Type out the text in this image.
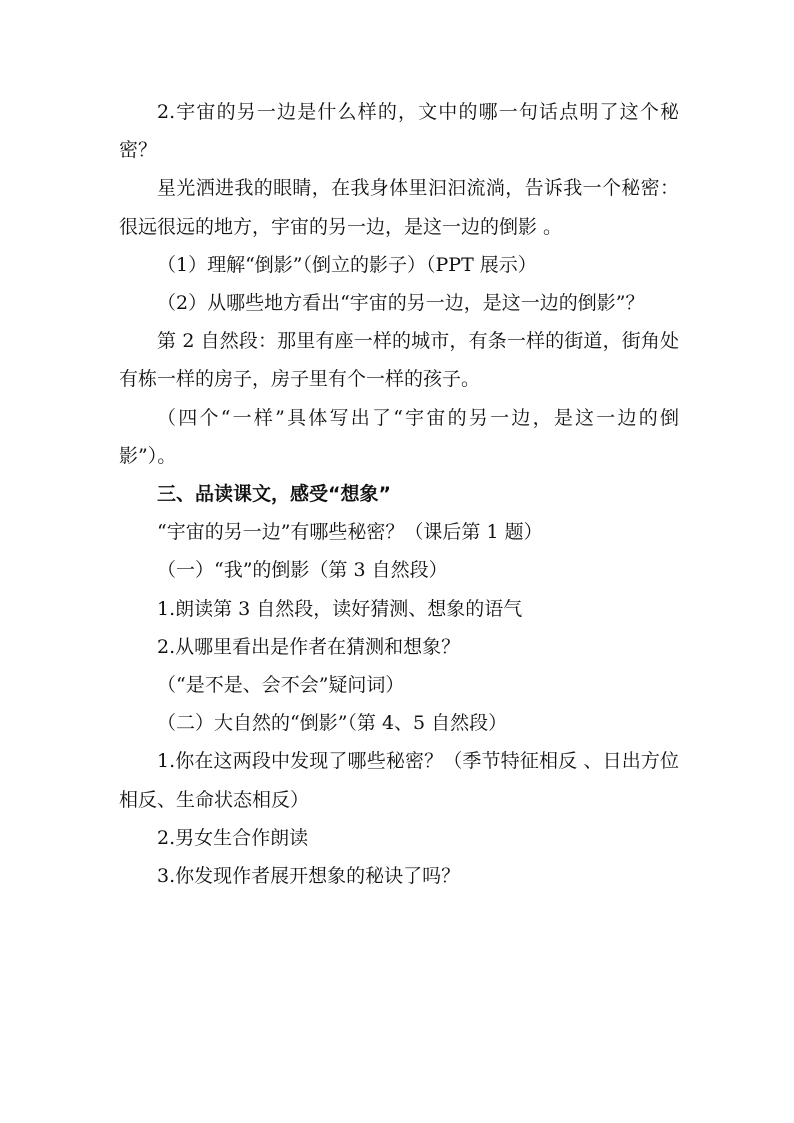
2.宇宙的另一边是什么样的，文中的哪一句话点明了这个秘密？

星光洒进我的眼睛，在我身体里汩汩流淌，告诉我一个秘密：很远很远的地方，宇宙的另一边，是这一边的倒影 。

（1）理解“倒影”（倒立的影子）（PPT 展示）

（2）从哪些地方看出“宇宙的另一边，是这一边的倒影”？

第 2 自然段：那里有座一样的城市，有条一样的街道，街角处有栋一样的房子，房子里有个一样的孩子。

（四个“一样”具体写出了“宇宙的另一边，是这一边的倒影”）。

三、品读课文，感受“想象”

“宇宙的另一边”有哪些秘密？（课后第 1 题）

（一）“我”的倒影（第 3 自然段）

1.朗读第 3 自然段，读好猜测、想象的语气

2.从哪里看出是作者在猜测和想象？

（“是不是、会不会”疑问词）

（二）大自然的“倒影”（第 4、5 自然段）

1.你在这两段中发现了哪些秘密？（季节特征相反 、日出方位相反、生命状态相反）

2.男女生合作朗读

3.你发现作者展开想象的秘诀了吗？
